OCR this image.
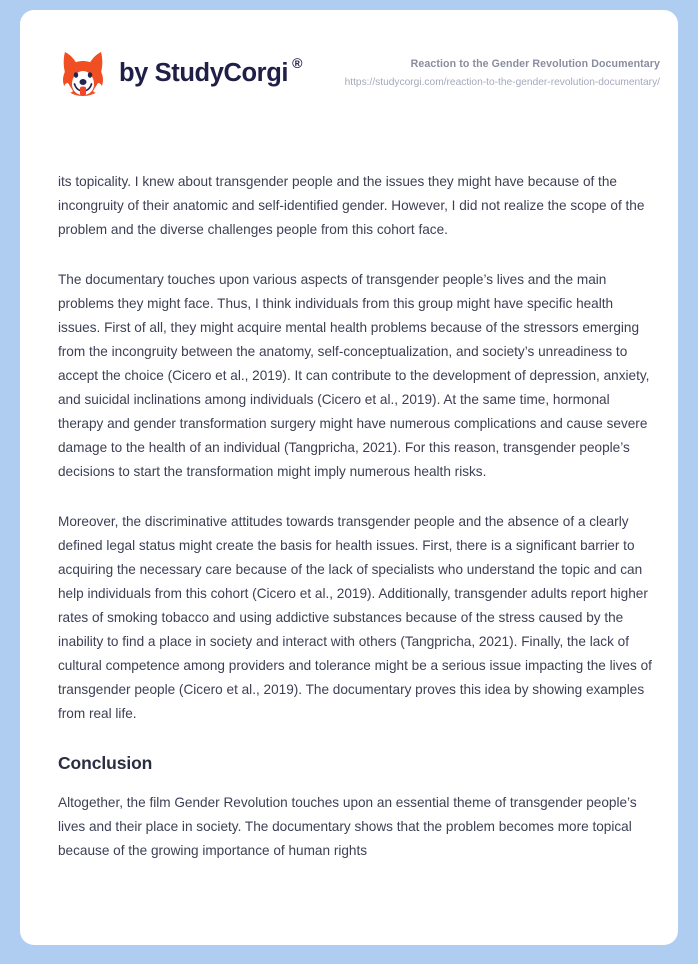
by StudyCorgi ®	Reaction to the Gender Revolution Documentary
https://studycorgi.com/reaction-to-the-gender-revolution-documentary/

its topicality. I knew about transgender people and the issues they might have because of the incongruity of their anatomic and self-identified gender. However, I did not realize the scope of the problem and the diverse challenges people from this cohort face.

The documentary touches upon various aspects of transgender people’s lives and the main problems they might face. Thus, I think individuals from this group might have specific health issues. First of all, they might acquire mental health problems because of the stressors emerging from the incongruity between the anatomy, self-conceptualization, and society’s unreadiness to accept the choice (Cicero et al., 2019). It can contribute to the development of depression, anxiety, and suicidal inclinations among individuals (Cicero et al., 2019). At the same time, hormonal therapy and gender transformation surgery might have numerous complications and cause severe damage to the health of an individual (Tangpricha, 2021). For this reason, transgender people’s decisions to start the transformation might imply numerous health risks.

Moreover, the discriminative attitudes towards transgender people and the absence of a clearly defined legal status might create the basis for health issues. First, there is a significant barrier to acquiring the necessary care because of the lack of specialists who understand the topic and can help individuals from this cohort (Cicero et al., 2019). Additionally, transgender adults report higher rates of smoking tobacco and using addictive substances because of the stress caused by the inability to find a place in society and interact with others (Tangpricha, 2021). Finally, the lack of cultural competence among providers and tolerance might be a serious issue impacting the lives of transgender people (Cicero et al., 2019). The documentary proves this idea by showing examples from real life.

Conclusion

Altogether, the film Gender Revolution touches upon an essential theme of transgender people’s lives and their place in society. The documentary shows that the problem becomes more topical because of the growing importance of human rights
